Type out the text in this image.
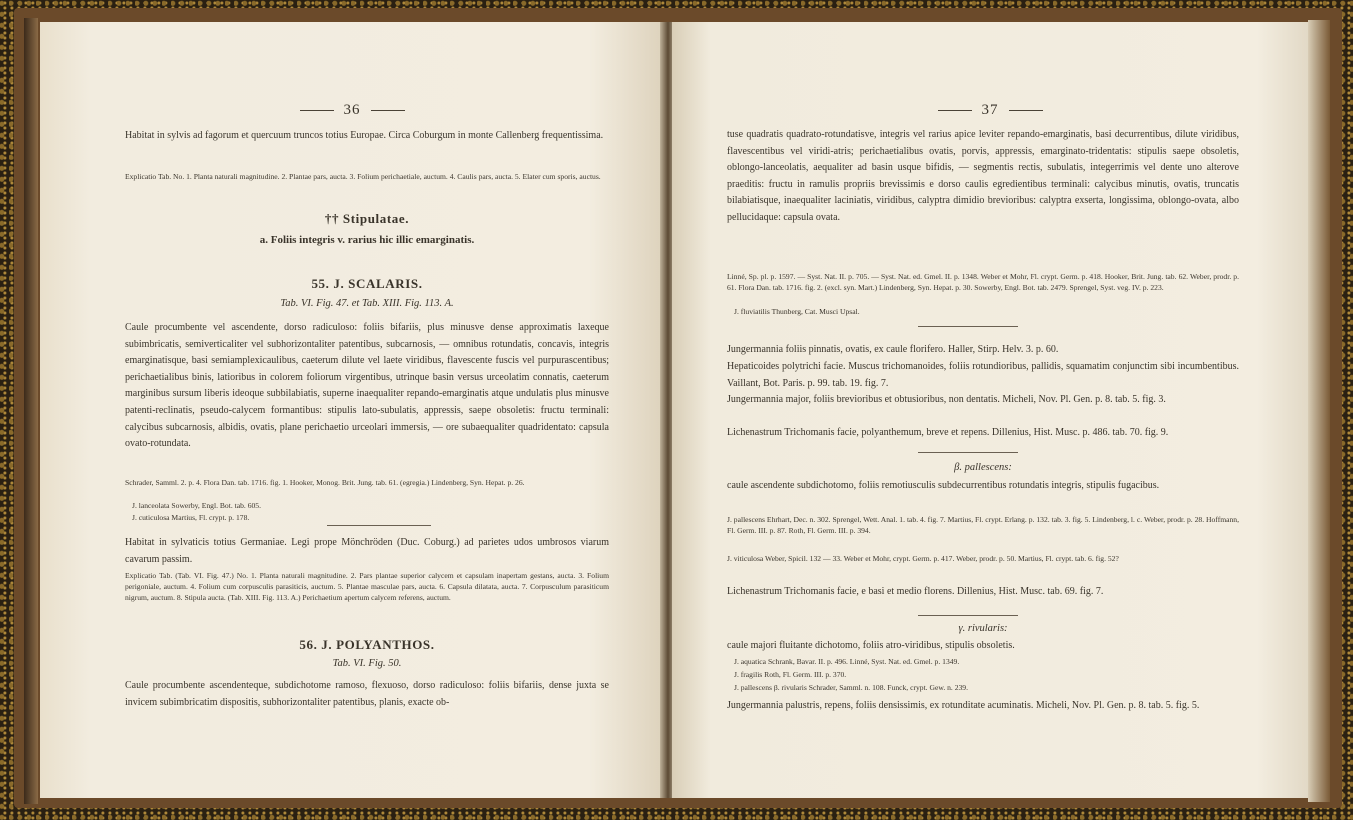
36

Habitat in sylvis ad fagorum et quercuum truncos totius Europae. Circa Coburgum in monte Callenberg frequentissima.

Explicatio Tab. No. 1. Planta naturali magnitudine. 2. Plantae pars, aucta. 3. Folium perichaetiale, auctum. 4. Caulis pars, aucta. 5. Elater cum sporis, auctus.

†† Stipulatae.
a. Foliis integris v. rarius hic illic emarginatis.
55. J. SCALARIS.
Tab. VI. Fig. 47. et Tab. XIII. Fig. 113. A.

Caule procumbente vel ascendente, dorso radiculoso: foliis bifariis, plus minusve dense approximatis laxeque subimbricatis, semiverticaliter vel subhorizontaliter patentibus, subcarnosis, — omnibus rotundatis, concavis, integris emarginatisque, basi semiamplexicaulibus, caeterum dilute vel laete viridibus, flavescente fuscis vel purpurascentibus; perichaetialibus binis, latioribus in colorem foliorum virgentibus, utrinque basin versus urceolatim connatis, caeterum marginibus sursum liberis ideoque subbilabiatis, superne inaequaliter repando-emarginatis atque undulatis plus minusve patenti-reclinatis, pseudo-calycem formantibus: stipulis lato-subulatis, appressis, saepe obsoletis: fructu terminali: calycibus subcarnosis, albidis, ovatis, plane perichaetio urceolari immersis, — ore subaequaliter quadridentato: capsula ovato-rotundata.

Schrader, Samml. 2. p. 4. Flora Dan. tab. 1716. fig. 1. Hooker, Monog. Brit. Jung. tab. 61. (egregia.) Lindenberg, Syn. Hepat. p. 26.

J. lanceolata Sowerby, Engl. Bot. tab. 605.

J. cuticulosa Martius, Fl. crypt. p. 178.

Habitat in sylvaticis totius Germaniae. Legi prope Mönchröden (Duc. Coburg.) ad parietes udos umbrosos viarum cavarum passim.

Explicatio Tab. (Tab. VI. Fig. 47.) No. 1. Planta naturali magnitudine. 2. Pars plantae superior calycem et capsulam inapertam gestans, aucta. 3. Folium perigoniale, auctum. 4. Folium cum corpusculis parasiticis, auctum. 5. Plantae masculae pars, aucta. 6. Capsula dilatata, aucta. 7. Corpusculum parasiticum nigrum, auctum. 8. Stipula aucta. (Tab. XIII. Fig. 113. A.) Perichaetium apertum calycem referens, auctum.

56. J. POLYANTHOS.
Tab. VI. Fig. 50.

Caule procumbente ascendenteque, subdichotome ramoso, flexuoso, dorso radiculoso: foliis bifariis, dense juxta se invicem subimbricatim dispositis, subhorizontaliter patentibus, planis, exacte ob-

37

tuse quadratis quadrato-rotundatisve, integris vel rarius apice leviter repando-emarginatis, basi decurrentibus, dilute viridibus, flavescentibus vel viridi-atris; perichaetialibus ovatis, porvis, appressis, emarginato-tridentatis: stipulis saepe obsoletis, oblongo-lanceolatis, aequaliter ad basin usque bifidis, — segmentis rectis, subulatis, integerrimis vel dente uno alterove praeditis: fructu in ramulis propriis brevissimis e dorso caulis egredientibus terminali: calycibus minutis, ovatis, truncatis bilabiatisque, inaequaliter laciniatis, viridibus, calyptra dimidio brevioribus: calyptra exserta, longissima, oblongo-ovata, albo pellucidaque: capsula ovata.

Linné, Sp. pl. p. 1597. — Syst. Nat. II. p. 705. — Syst. Nat. ed. Gmel. II. p. 1348. Weber et Mohr, Fl. crypt. Germ. p. 418. Hooker, Brit. Jung. tab. 62. Weber, prodr. p. 61. Flora Dan. tab. 1716. fig. 2. (excl. syn. Mart.) Lindenberg, Syn. Hepat. p. 30. Sowerby, Engl. Bot. tab. 2479. Sprengel, Syst. veg. IV. p. 223.

J. fluviatilis Thunberg, Cat. Musci Upsal.

Jungermannia foliis pinnatis, ovatis, ex caule florifero. Haller, Stirp. Helv. 3. p. 60.

Hepaticoides polytrichi facie. Muscus trichomanoides, foliis rotundioribus, pallidis, squamatim conjunctim sibi incumbentibus. Vaillant, Bot. Paris. p. 99. tab. 19. fig. 7.

Jungermannia major, foliis brevioribus et obtusioribus, non dentatis. Micheli, Nov. Pl. Gen. p. 8. tab. 5. fig. 3.

Lichenastrum Trichomanis facie, polyanthemum, breve et repens. Dillenius, Hist. Musc. p. 486. tab. 70. fig. 9.

β. pallescens:

caule ascendente subdichotomo, foliis remotiusculis subdecurrentibus rotundatis integris, stipulis fugacibus.

J. pallescens Ehrhart, Dec. n. 302. Sprengel, Wett. Anal. 1. tab. 4. fig. 7. Martius, Fl. crypt. Erlang. p. 132. tab. 3. fig. 5. Lindenberg, l. c. Weber, prodr. p. 28. Hoffmann, Fl. Germ. III. p. 87. Roth, Fl. Germ. III. p. 394.

J. viticulosa Weber, Spicil. 132 — 33. Weber et Mohr, crypt. Germ. p. 417. Weber, prodr. p. 50. Martius, Fl. crypt. tab. 6. fig. 52?

Lichenastrum Trichomanis facie, e basi et medio florens. Dillenius, Hist. Musc. tab. 69. fig. 7.

γ. rivularis:

caule majori fluitante dichotomo, foliis atro-viridibus, stipulis obsoletis.

J. aquatica Schrank, Bavar. II. p. 496. Linné, Syst. Nat. ed. Gmel. p. 1349.

J. fragilis Roth, Fl. Germ. III. p. 370.

J. pallescens β. rivularis Schrader, Samml. n. 108. Funck, crypt. Gew. n. 239.

Jungermannia palustris, repens, foliis densissimis, ex rotunditate acuminatis. Micheli, Nov. Pl. Gen. p. 8. tab. 5. fig. 5.
